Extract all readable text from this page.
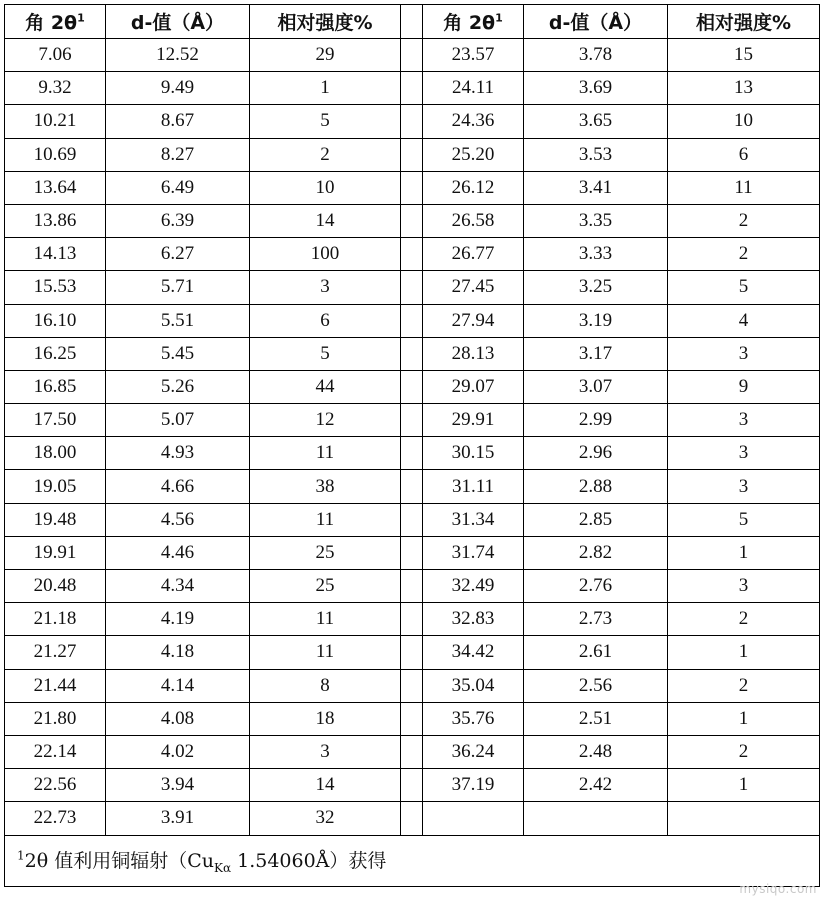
角 $2\theta^1$	d-值（Å）	相对强度%		角 $2\theta^1$	d-值（Å）	相对强度%
7.06	12.52	29		23.57	3.78	15
9.32	9.49	1		24.11	3.69	13
10.21	8.67	5		24.36	3.65	10
10.69	8.27	2		25.20	3.53	6
13.64	6.49	10		26.12	3.41	11
13.86	6.39	14		26.58	3.35	2
14.13	6.27	100		26.77	3.33	2
15.53	5.71	3		27.45	3.25	5
16.10	5.51	6		27.94	3.19	4
16.25	5.45	5		28.13	3.17	3
16.85	5.26	44		29.07	3.07	9
17.50	5.07	12		29.91	2.99	3
18.00	4.93	11		30.15	2.96	3
19.05	4.66	38		31.11	2.88	3
19.48	4.56	11		31.34	2.85	5
19.91	4.46	25		31.74	2.82	1
20.48	4.34	25		32.49	2.76	3
21.18	4.19	11		32.83	2.73	2
21.27	4.18	11		34.42	2.61	1
21.44	4.14	8		35.04	2.56	2
21.80	4.08	18		35.76	2.51	1
22.14	4.02	3		36.24	2.48	2
22.56	3.94	14		37.19	2.42	1
22.73	3.91	32				
$^1$2θ 值利用铜辐射（$Cu_{K\alpha}$ 1.54060Å）获得						
mysiqo.com
